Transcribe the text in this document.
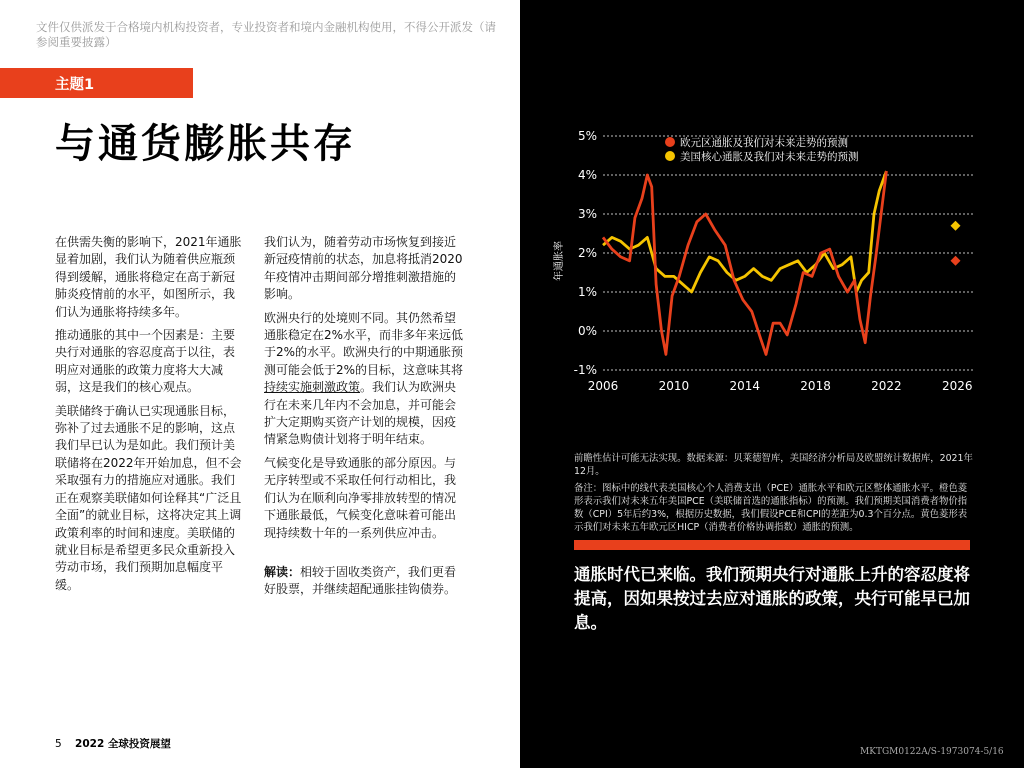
文件仅供派发于合格境内机构投资者，专业投资者和境内金融机构使用，不得公开派发（请参阅重要披露）
主题1
与通货膨胀共存

在供需失衡的影响下，2021年通胀显着加剧，我们认为随着供应瓶颈得到缓解，通胀将稳定在高于新冠肺炎疫情前的水平，如图所示，我们认为通胀将持续多年。

推动通胀的其中一个因素是：主要央行对通胀的容忍度高于以往，表明应对通胀的政策力度将大大减弱，这是我们的核心观点。

美联储终于确认已实现通胀目标，弥补了过去通胀不足的影响，这点我们早已认为是如此。我们预计美联储将在2022年开始加息，但不会采取强有力的措施应对通胀。我们正在观察美联储如何诠释其“广泛且全面”的就业目标，这将决定其上调政策利率的时间和速度。美联储的就业目标是希望更多民众重新投入劳动市场，我们预期加息幅度平缓。

我们认为，随着劳动市场恢复到接近新冠疫情前的状态，加息将抵消2020年疫情冲击期间部分增推刺激措施的影响。

欧洲央行的处境则不同。其仍然希望通胀稳定在2%水平，而非多年来远低于2%的水平。欧洲央行的中期通胀预测可能会低于2%的目标，这意味其将持续实施刺激政策。我们认为欧洲央行在未来几年内不会加息，并可能会扩大定期购买资产计划的规模，因疫情紧急购债计划将于明年结束。

气候变化是导致通胀的部分原因。与无序转型或不采取任何行动相比，我们认为在顺利向净零排放转型的情况下通胀最低，气候变化意味着可能出现持续数十年的一系列供应冲击。

解读：相较于固收类资产，我们更看好股票，并继续超配通胀挂钩债券。

5 2022 全球投资展望
持续通胀
美国和欧元区通胀及我们对未来走势的预测（2006至2026年）
-1%
0%
1%
2%
3%
4%
5%
2006	2010	2014	2018	2022	2026
年通胀率
欧元区通胀及我们对未来走势的预测
美国核心通胀及我们对未来走势的预测
前瞻性估计可能无法实现。数据来源：贝莱德智库，美国经济分析局及欧盟统计数据库，2021年12月。
备注：图标中的线代表美国核心个人消费支出（PCE）通胀水平和欧元区整体通胀水平。橙色菱形表示我们对未来五年美国PCE（美联储首选的通胀指标）的预测。我们预期美国消费者物价指数（CPI）5年后约3%，根据历史数据，我们假设PCE和CPI的差距为0.3个百分点。黄色菱形表示我们对未来五年欧元区HICP（消费者价格协调指数）通胀的预测。
通胀时代已来临。我们预期央行对通胀上升的容忍度将提高，因如果按过去应对通胀的政策，央行可能早已加息。
MKTGM0122A/S-1973074-5/16
